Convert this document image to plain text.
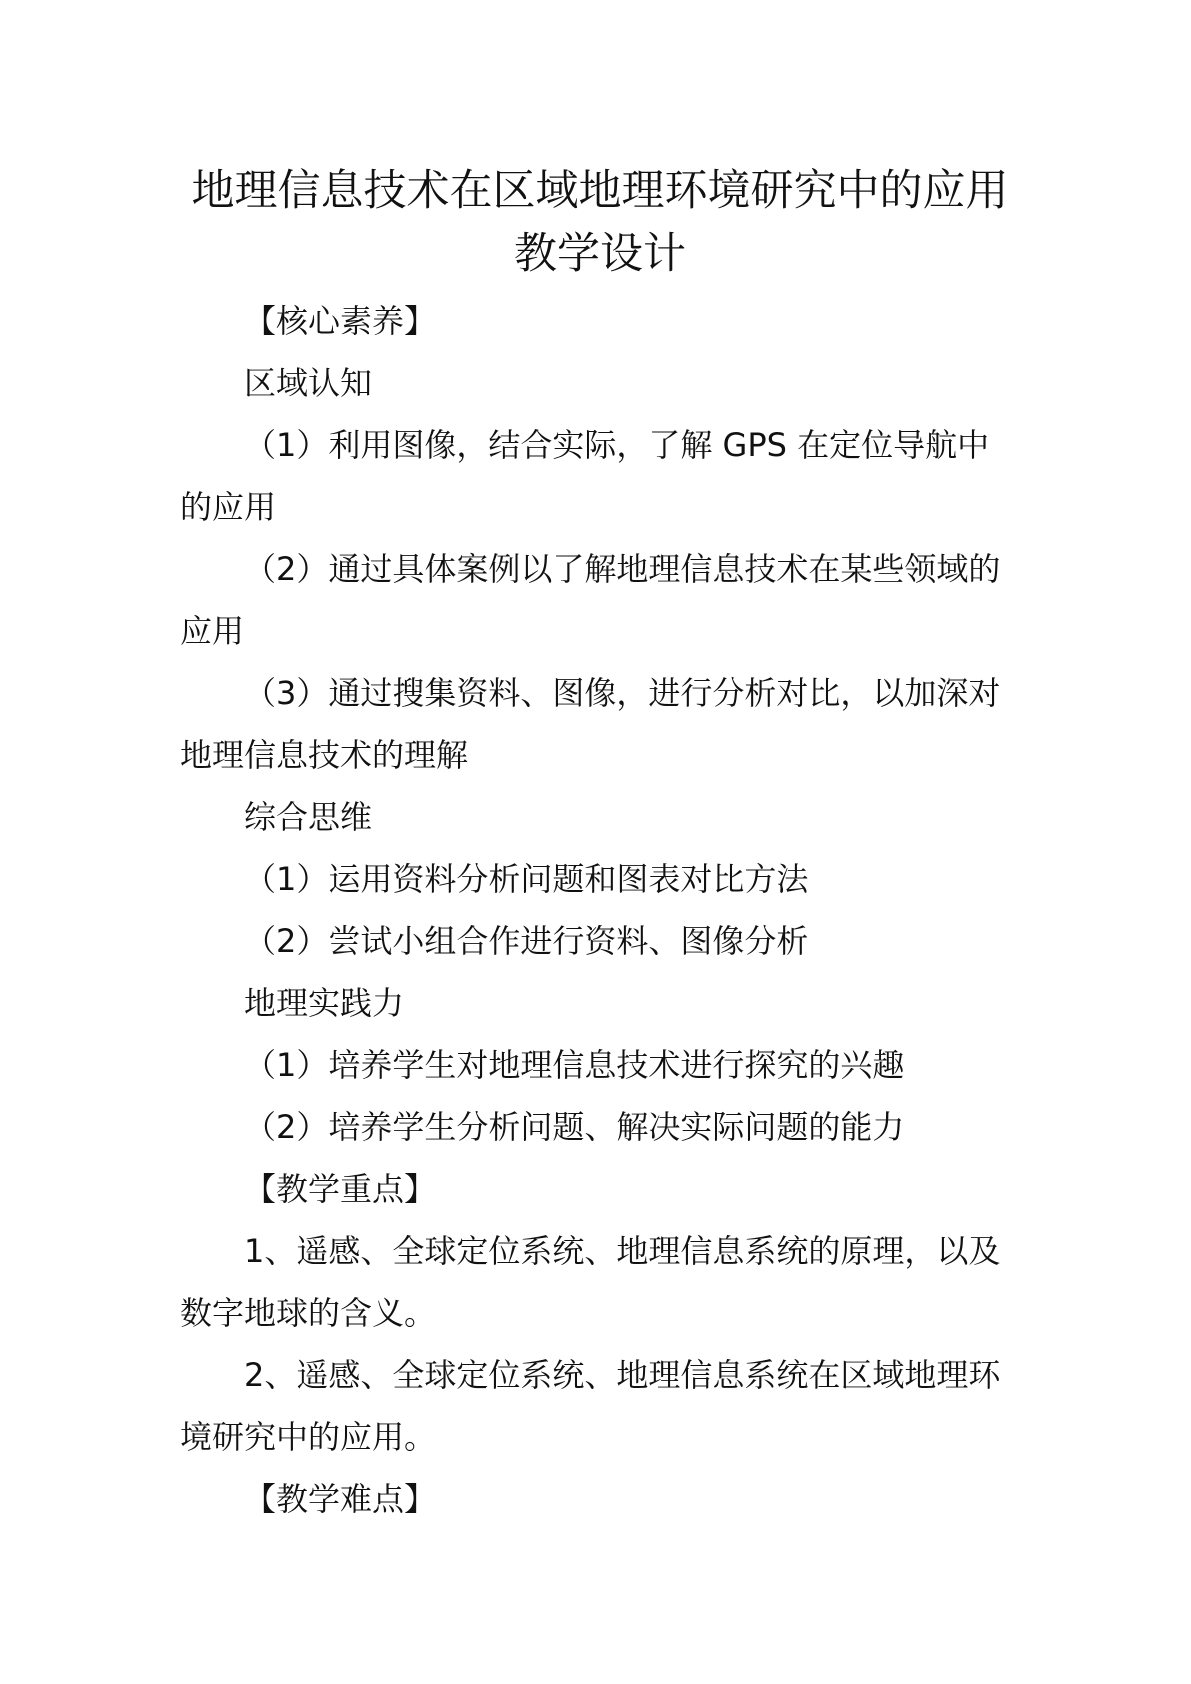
地理信息技术在区域地理环境研究中的应用教学设计

【核心素养】

区域认知

（1）利用图像，结合实际，了解 GPS 在定位导航中的应用

（2）通过具体案例以了解地理信息技术在某些领域的应用

（3）通过搜集资料、图像，进行分析对比，以加深对地理信息技术的理解

综合思维

（1）运用资料分析问题和图表对比方法

（2）尝试小组合作进行资料、图像分析

地理实践力

（1）培养学生对地理信息技术进行探究的兴趣

（2）培养学生分析问题、解决实际问题的能力

【教学重点】

1、遥感、全球定位系统、地理信息系统的原理，以及数字地球的含义。

2、遥感、全球定位系统、地理信息系统在区域地理环境研究中的应用。

【教学难点】
